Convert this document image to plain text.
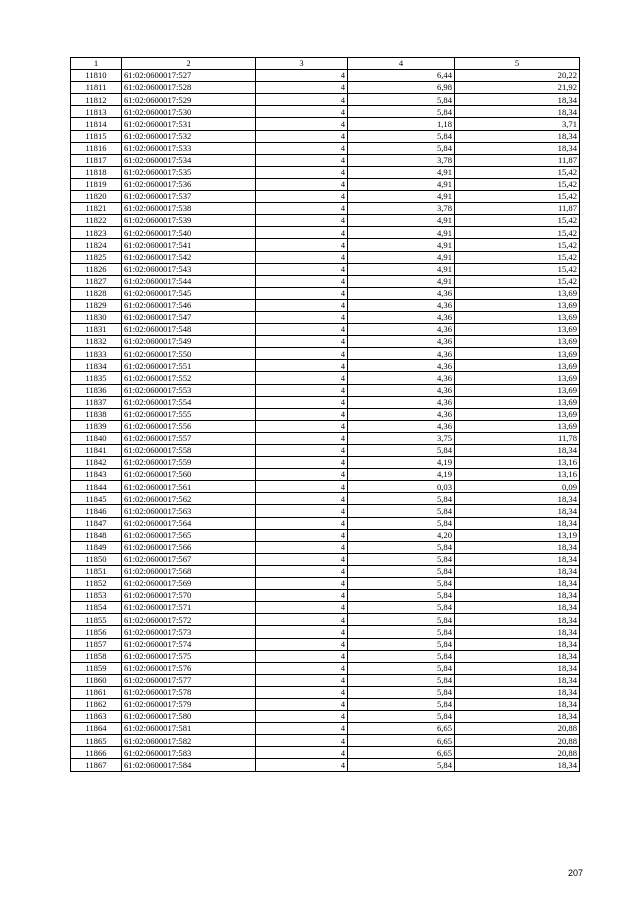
1	2	3	4	5
11810	61:02:0600017:527	4	6,44	20,22
11811	61:02:0600017:528	4	6,98	21,92
11812	61:02:0600017:529	4	5,84	18,34
11813	61:02:0600017:530	4	5,84	18,34
11814	61:02:0600017:531	4	1,18	3,71
11815	61:02:0600017:532	4	5,84	18,34
11816	61:02:0600017:533	4	5,84	18,34
11817	61:02:0600017:534	4	3,78	11,87
11818	61:02:0600017:535	4	4,91	15,42
11819	61:02:0600017:536	4	4,91	15,42
11820	61:02:0600017:537	4	4,91	15,42
11821	61:02:0600017:538	4	3,78	11,87
11822	61:02:0600017:539	4	4,91	15,42
11823	61:02:0600017:540	4	4,91	15,42
11824	61:02:0600017:541	4	4,91	15,42
11825	61:02:0600017:542	4	4,91	15,42
11826	61:02:0600017:543	4	4,91	15,42
11827	61:02:0600017:544	4	4,91	15,42
11828	61:02:0600017:545	4	4,36	13,69
11829	61:02:0600017:546	4	4,36	13,69
11830	61:02:0600017:547	4	4,36	13,69
11831	61:02:0600017:548	4	4,36	13,69
11832	61:02:0600017:549	4	4,36	13,69
11833	61:02:0600017:550	4	4,36	13,69
11834	61:02:0600017:551	4	4,36	13,69
11835	61:02:0600017:552	4	4,36	13,69
11836	61:02:0600017:553	4	4,36	13,69
11837	61:02:0600017:554	4	4,36	13,69
11838	61:02:0600017:555	4	4,36	13,69
11839	61:02:0600017:556	4	4,36	13,69
11840	61:02:0600017:557	4	3,75	11,78
11841	61:02:0600017:558	4	5,84	18,34
11842	61:02:0600017:559	4	4,19	13,16
11843	61:02:0600017:560	4	4,19	13,16
11844	61:02:0600017:561	4	0,03	0,09
11845	61:02:0600017:562	4	5,84	18,34
11846	61:02:0600017:563	4	5,84	18,34
11847	61:02:0600017:564	4	5,84	18,34
11848	61:02:0600017:565	4	4,20	13,19
11849	61:02:0600017:566	4	5,84	18,34
11850	61:02:0600017:567	4	5,84	18,34
11851	61:02:0600017:568	4	5,84	18,34
11852	61:02:0600017:569	4	5,84	18,34
11853	61:02:0600017:570	4	5,84	18,34
11854	61:02:0600017:571	4	5,84	18,34
11855	61:02:0600017:572	4	5,84	18,34
11856	61:02:0600017:573	4	5,84	18,34
11857	61:02:0600017:574	4	5,84	18,34
11858	61:02:0600017:575	4	5,84	18,34
11859	61:02:0600017:576	4	5,84	18,34
11860	61:02:0600017:577	4	5,84	18,34
11861	61:02:0600017:578	4	5,84	18,34
11862	61:02:0600017:579	4	5,84	18,34
11863	61:02:0600017:580	4	5,84	18,34
11864	61:02:0600017:581	4	6,65	20,88
11865	61:02:0600017:582	4	6,65	20,88
11866	61:02:0600017:583	4	6,65	20,88
11867	61:02:0600017:584	4	5,84	18,34
207
